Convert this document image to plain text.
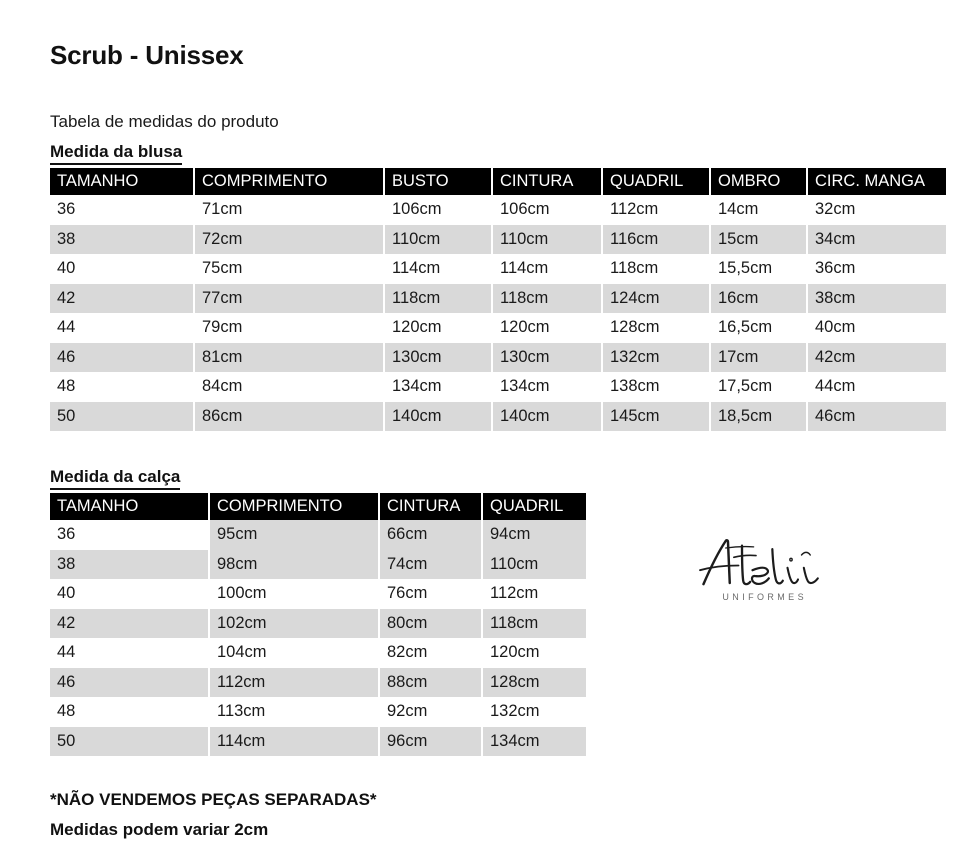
Scrub - Unissex
Tabela de medidas do produto
Medida da blusa
TAMANHO	COMPRIMENTO	BUSTO	CINTURA	QUADRIL	OMBRO	CIRC. MANGA
36	71cm	106cm	106cm	112cm	14cm	32cm
38	72cm	110cm	110cm	116cm	15cm	34cm
40	75cm	114cm	114cm	118cm	15,5cm	36cm
42	77cm	118cm	118cm	124cm	16cm	38cm
44	79cm	120cm	120cm	128cm	16,5cm	40cm
46	81cm	130cm	130cm	132cm	17cm	42cm
48	84cm	134cm	134cm	138cm	17,5cm	44cm
50	86cm	140cm	140cm	145cm	18,5cm	46cm
Medida da calça
TAMANHO	COMPRIMENTO	CINTURA	QUADRIL
36	95cm	66cm	94cm
38	98cm	74cm	110cm
40	100cm	76cm	112cm
42	102cm	80cm	118cm
44	104cm	82cm	120cm
46	112cm	88cm	128cm
48	113cm	92cm	132cm
50	114cm	96cm	134cm
UNIFORMES
*NÃO VENDEMOS PEÇAS SEPARADAS*
Medidas podem variar 2cm
